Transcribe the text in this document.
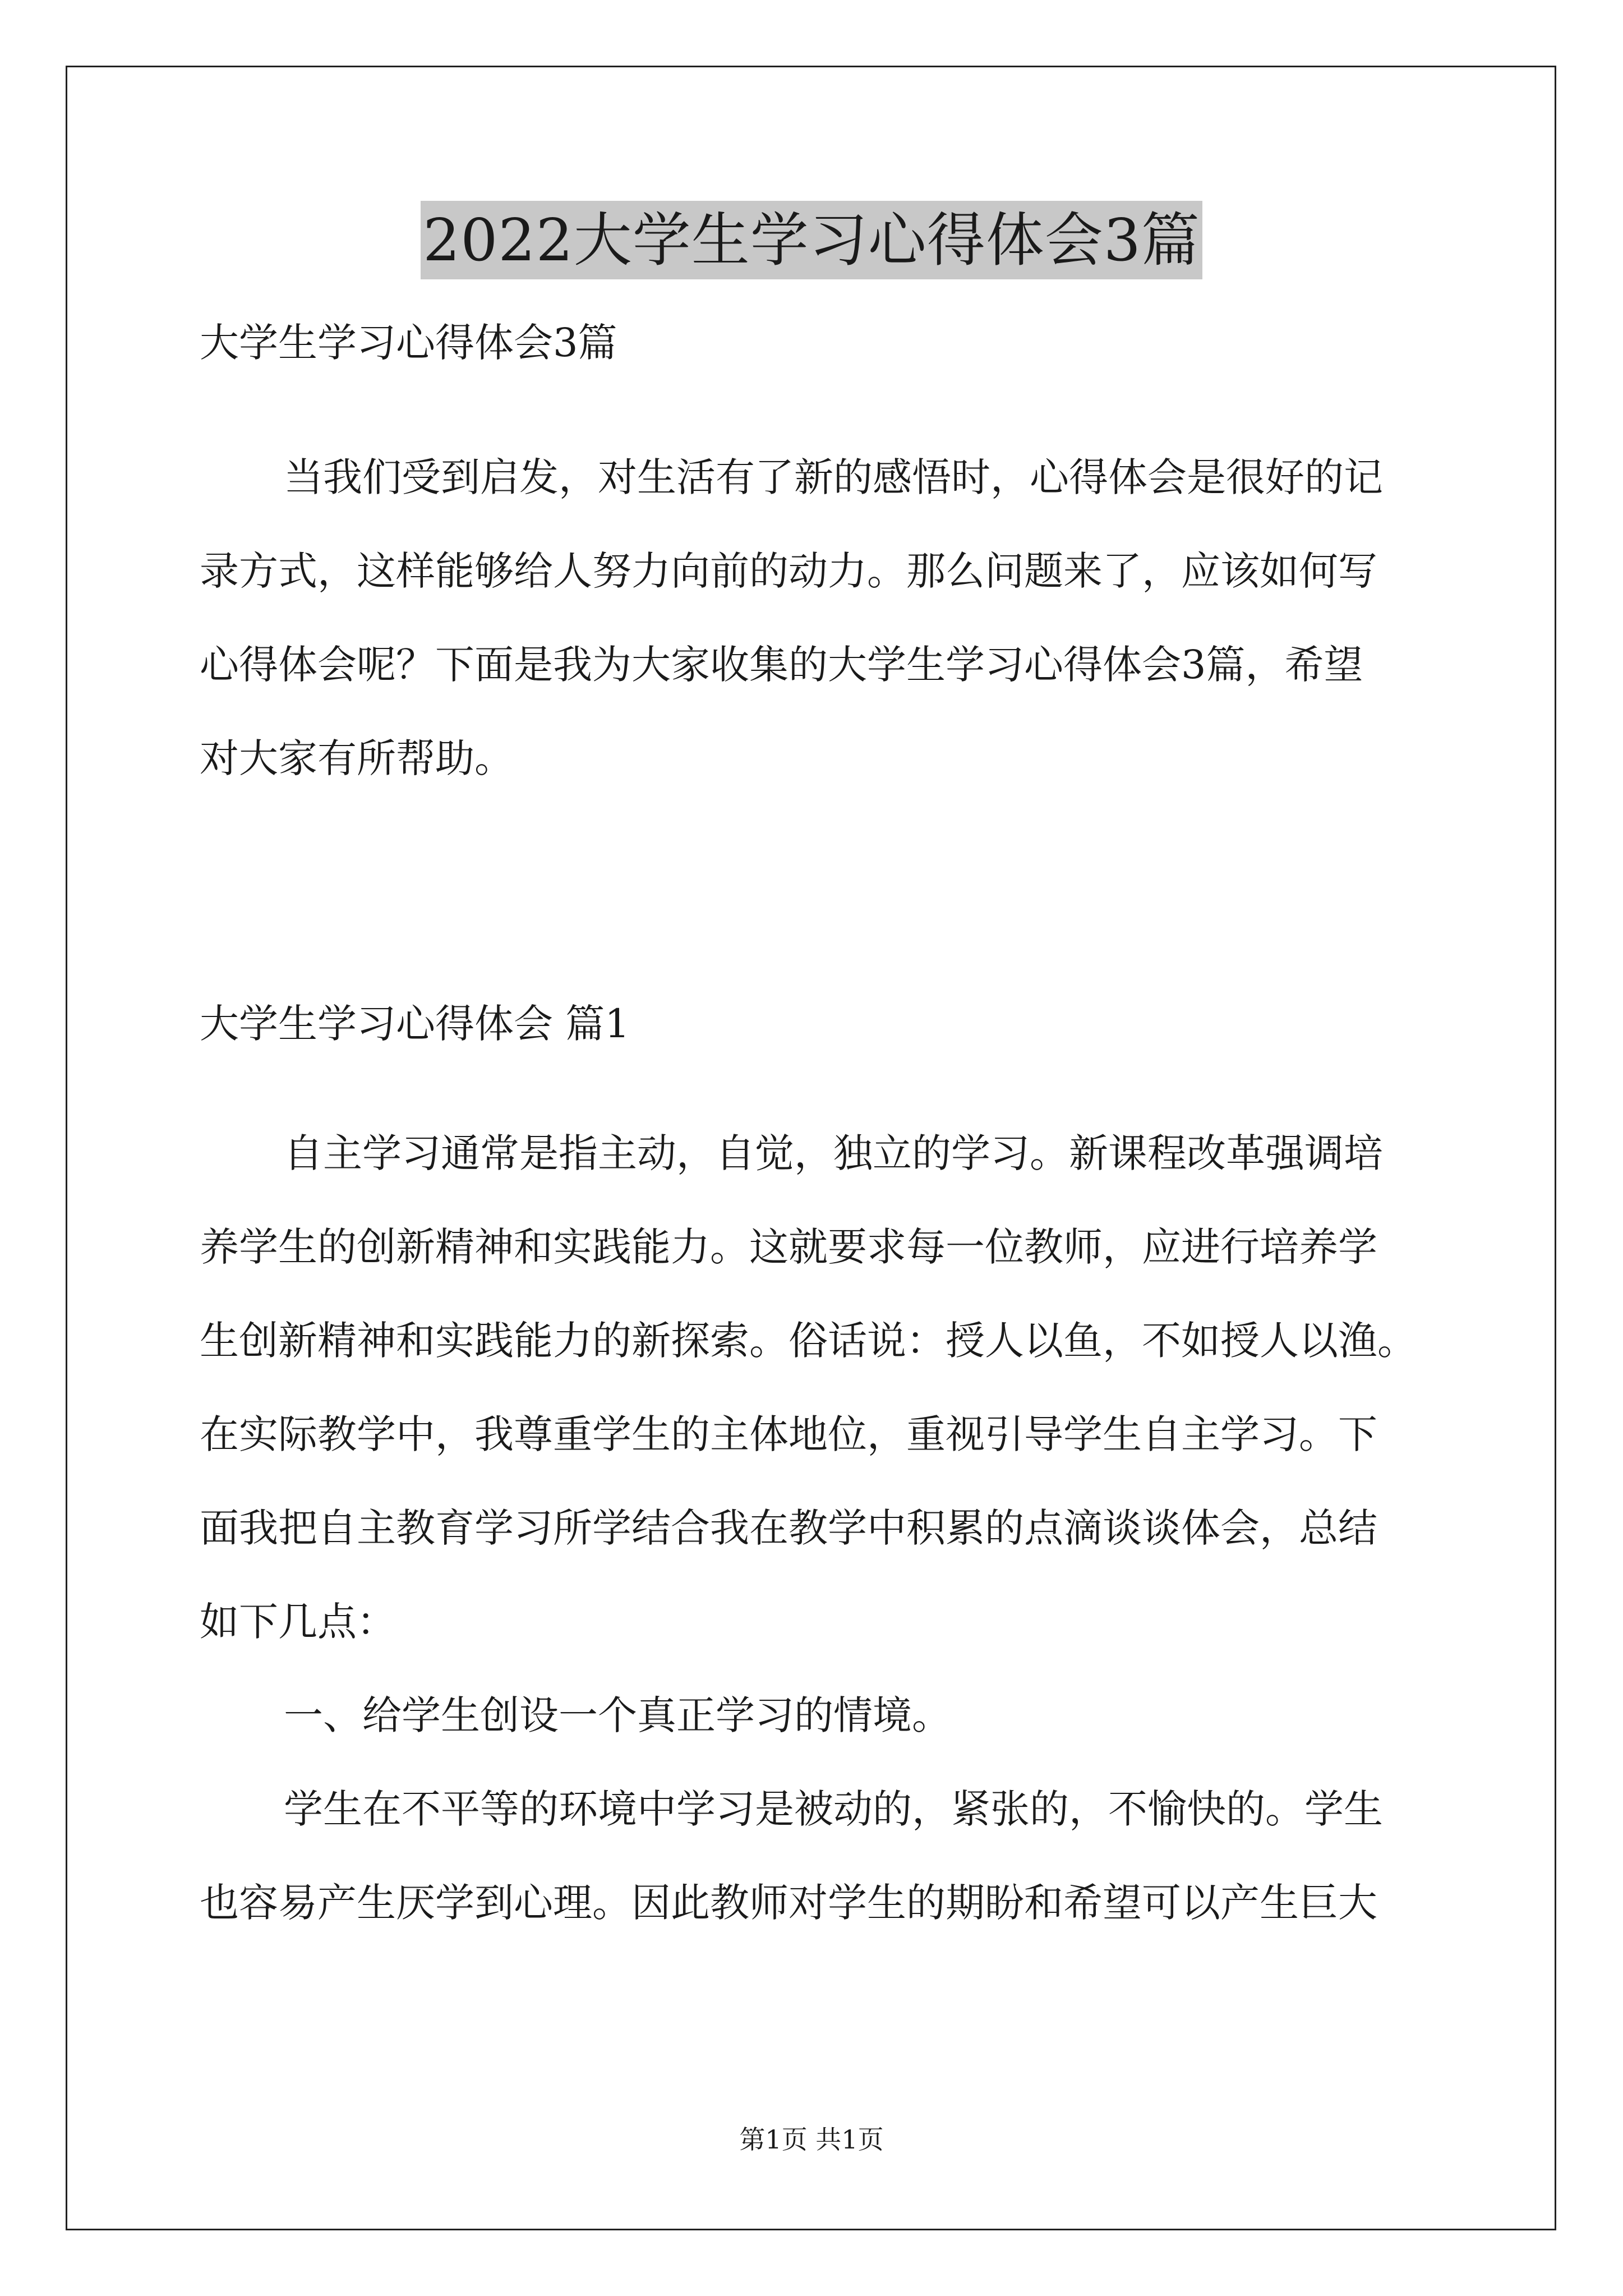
2022大学生学习心得体会3篇

大学生学习心得体会3篇

当我们受到启发，对生活有了新的感悟时，心得体会是很好的记
录方式，这样能够给人努力向前的动力。那么问题来了，应该如何写
心得体会呢？下面是我为大家收集的大学生学习心得体会3篇，希望
对大家有所帮助。

大学生学习心得体会 篇1

自主学习通常是指主动，自觉，独立的学习。新课程改革强调培
养学生的创新精神和实践能力。这就要求每一位教师，应进行培养学
生创新精神和实践能力的新探索。俗话说：授人以鱼，不如授人以渔。
在实际教学中，我尊重学生的主体地位，重视引导学生自主学习。下
面我把自主教育学习所学结合我在教学中积累的点滴谈谈体会，总结
如下几点：
一、给学生创设一个真正学习的情境。
学生在不平等的环境中学习是被动的，紧张的，不愉快的。学生
也容易产生厌学到心理。因此教师对学生的期盼和希望可以产生巨大
第1页 共1页
